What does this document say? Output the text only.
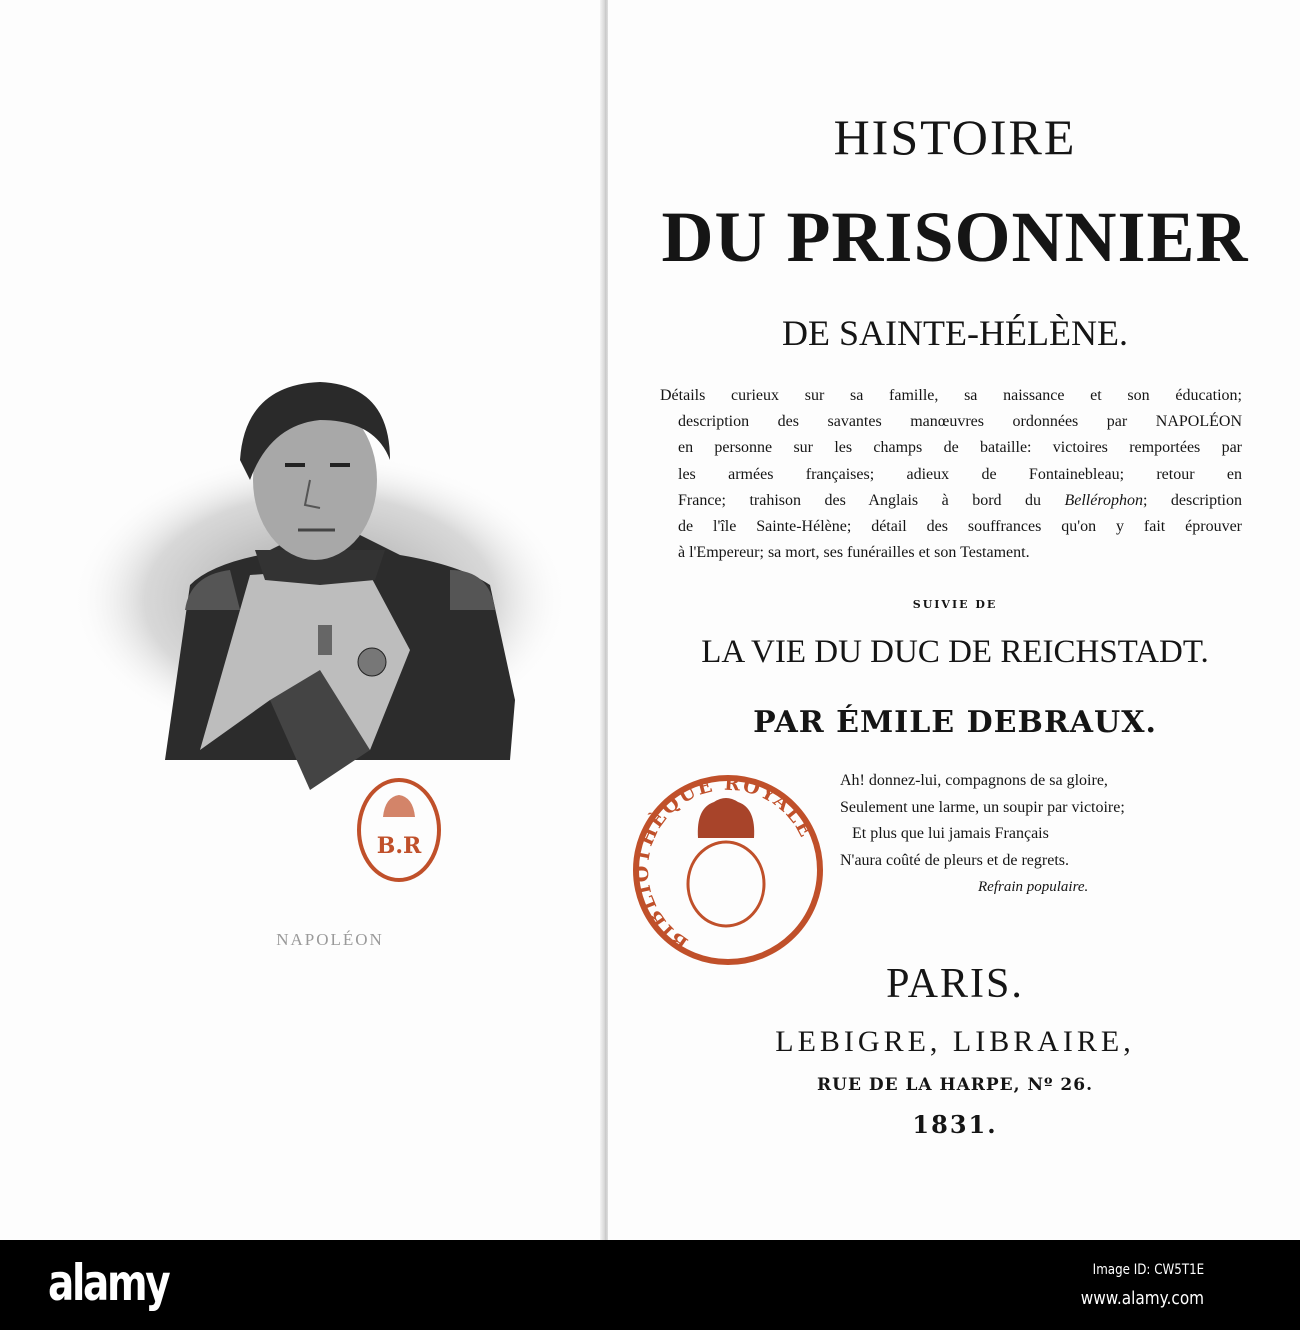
B.R
NAPOLÉON
HISTOIRE
DU PRISONNIER
DE SAINTE-HÉLÈNE.
Détails curieux sur sa famille, sa naissance et son éducation;
description des savantes manœuvres ordonnées par NAPOLÉON
en personne sur les champs de bataille: victoires remportées par
les armées françaises; adieux de Fontainebleau; retour en
France; trahison des Anglais à bord du Bellérophon; description
de l'île Sainte-Hélène; détail des souffrances qu'on y fait éprouver
à l'Empereur; sa mort, ses funérailles et son Testament.
SUIVIE DE
LA VIE DU DUC DE REICHSTADT.
PAR ÉMILE DEBRAUX.
Ah! donnez-lui, compagnons de sa gloire,
Seulement une larme, un soupir par victoire;
Et plus que lui jamais Français
N'aura coûté de pleurs et de regrets.
Refrain populaire.
BIBLIOTHÈQUE ROYALE
PARIS.
LEBIGRE, LIBRAIRE,
RUE DE LA HARPE, Nº 26.
1831.
alamy	Image ID: CW5T1E
www.alamy.com
